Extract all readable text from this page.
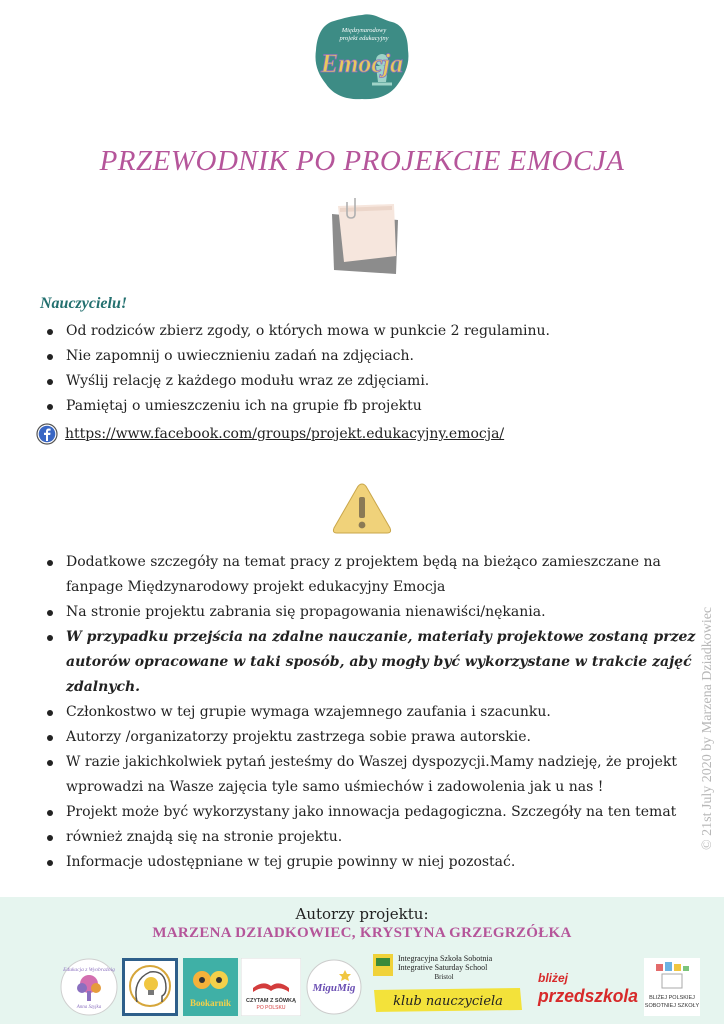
Międzynarodowy
projekt edukacyjny
Emocja
PRZEWODNIK PO PROJEKCIE EMOCJA
Nauczycielu!
Od rodziców zbierz zgody, o których mowa w punkcie 2 regulaminu.
Nie zapomnij o uwiecznieniu zadań na zdjęciach.
Wyślij relację z każdego modułu wraz ze zdjęciami.
Pamiętaj o umieszczeniu ich na grupie fb projektu
https://www.facebook.com/groups/projekt.edukacyjny.emocja/
Dodatkowe szczegóły na temat pracy z projektem będą na bieżąco zamieszczane na fanpage Międzynarodowy projekt edukacyjny Emocja
Na stronie projektu zabrania się propagowania nienawiści/nękania.
W przypadku przejścia na zdalne nauczanie, materiały projektowe zostaną przez autorów opracowane w taki sposób, aby mogły być wykorzystane w trakcie zajęć zdalnych.
Członkostwo w tej grupie wymaga wzajemnego zaufania i szacunku.
Autorzy /organizatorzy projektu zastrzega sobie prawa autorskie.
W razie jakichkolwiek pytań jesteśmy do Waszej dyspozycji.Mamy nadzieję, że projekt wprowadzi na Wasze zajęcia tyle samo uśmiechów i zadowolenia jak u nas !
Projekt może być wykorzystany jako innowacja pedagogiczna. Szczegóły na ten temat
również znajdą się na stronie projektu.
Informacje udostępniane w tej grupie powinny w niej pozostać.
© 21st July 2020 by Marzena Dziadkowiec
Autorzy projektu:
MARZENA DZIADKOWIEC, KRYSTYNA GRZEGRZÓŁKA
Edukacja z Wyobraźnią
Anna Szyjka	Bookarnik	CZYTAM Z SÓWKĄ
PO POLSKU
MiguMig
Integracyjna Szkoła Sobotnia
Integrative Saturday School
Bristol
klub nauczyciela
bliżej
przedszkola BLIŻEJ POLSKIEJ
SOBOTNIEJ SZKOŁY
